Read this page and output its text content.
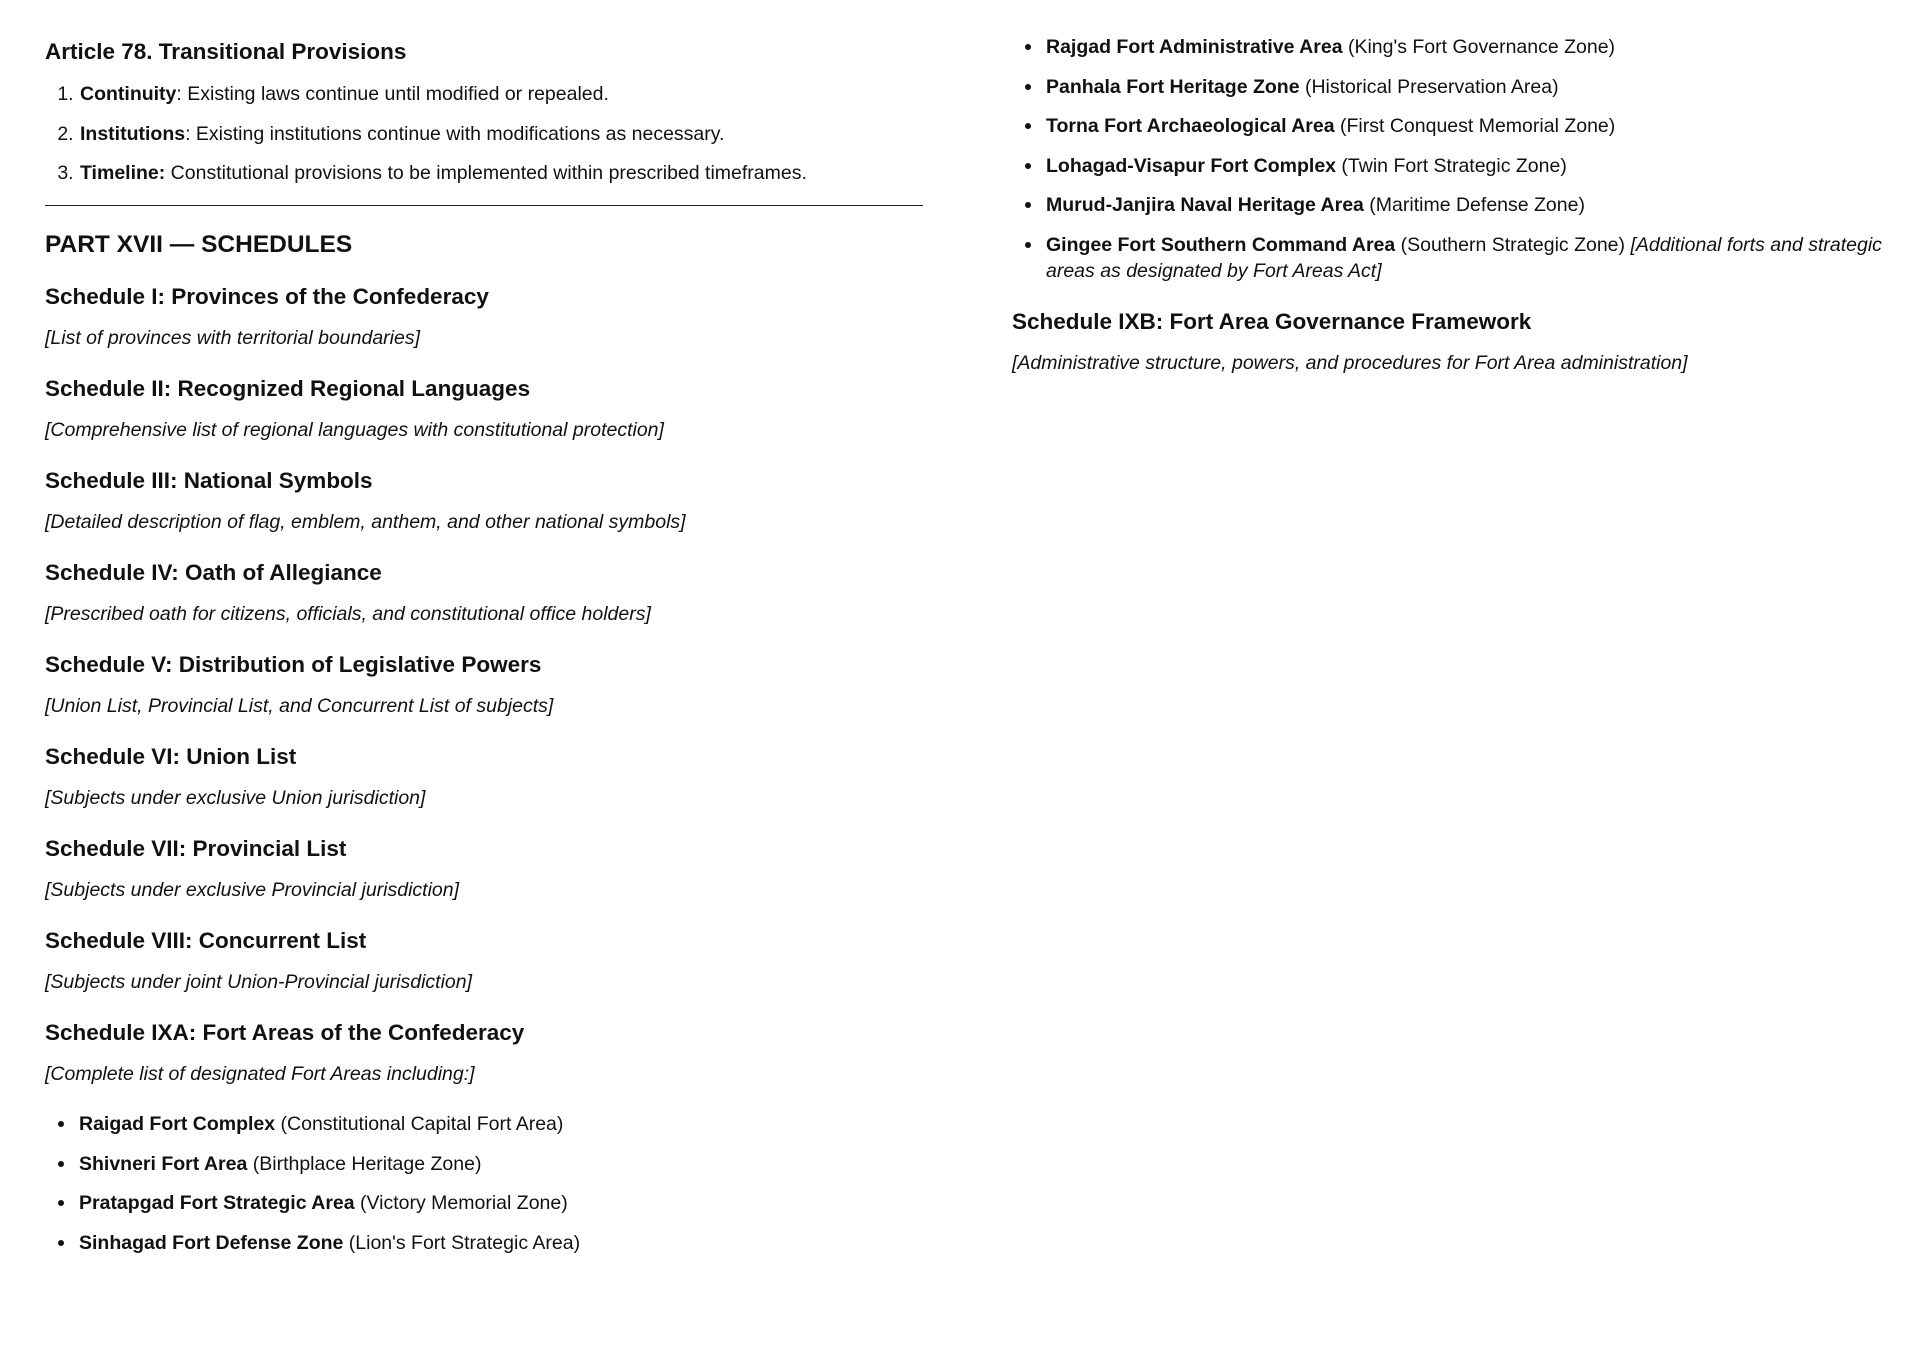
Article 78. Transitional Provisions
1. Continuity: Existing laws continue until modified or repealed.
2. Institutions: Existing institutions continue with modifications as necessary.
3. Timeline: Constitutional provisions to be implemented within prescribed timeframes.
PART XVII — SCHEDULES
Schedule I: Provinces of the Confederacy

[List of provinces with territorial boundaries]

Schedule II: Recognized Regional Languages

[Comprehensive list of regional languages with constitutional protection]

Schedule III: National Symbols

[Detailed description of flag, emblem, anthem, and other national symbols]

Schedule IV: Oath of Allegiance

[Prescribed oath for citizens, officials, and constitutional office holders]

Schedule V: Distribution of Legislative Powers

[Union List, Provincial List, and Concurrent List of subjects]

Schedule VI: Union List

[Subjects under exclusive Union jurisdiction]

Schedule VII: Provincial List

[Subjects under exclusive Provincial jurisdiction]

Schedule VIII: Concurrent List

[Subjects under joint Union-Provincial jurisdiction]

Schedule IXA: Fort Areas of the Confederacy

[Complete list of designated Fort Areas including:]

Raigad Fort Complex (Constitutional Capital Fort Area)
Shivneri Fort Area (Birthplace Heritage Zone)
Pratapgad Fort Strategic Area (Victory Memorial Zone)
Sinhagad Fort Defense Zone (Lion's Fort Strategic Area)
Rajgad Fort Administrative Area (King's Fort Governance Zone)
Panhala Fort Heritage Zone (Historical Preservation Area)
Torna Fort Archaeological Area (First Conquest Memorial Zone)
Lohagad-Visapur Fort Complex (Twin Fort Strategic Zone)
Murud-Janjira Naval Heritage Area (Maritime Defense Zone)
Gingee Fort Southern Command Area (Southern Strategic Zone) [Additional forts and strategic areas as designated by Fort Areas Act]
Schedule IXB: Fort Area Governance Framework

[Administrative structure, powers, and procedures for Fort Area administration]
